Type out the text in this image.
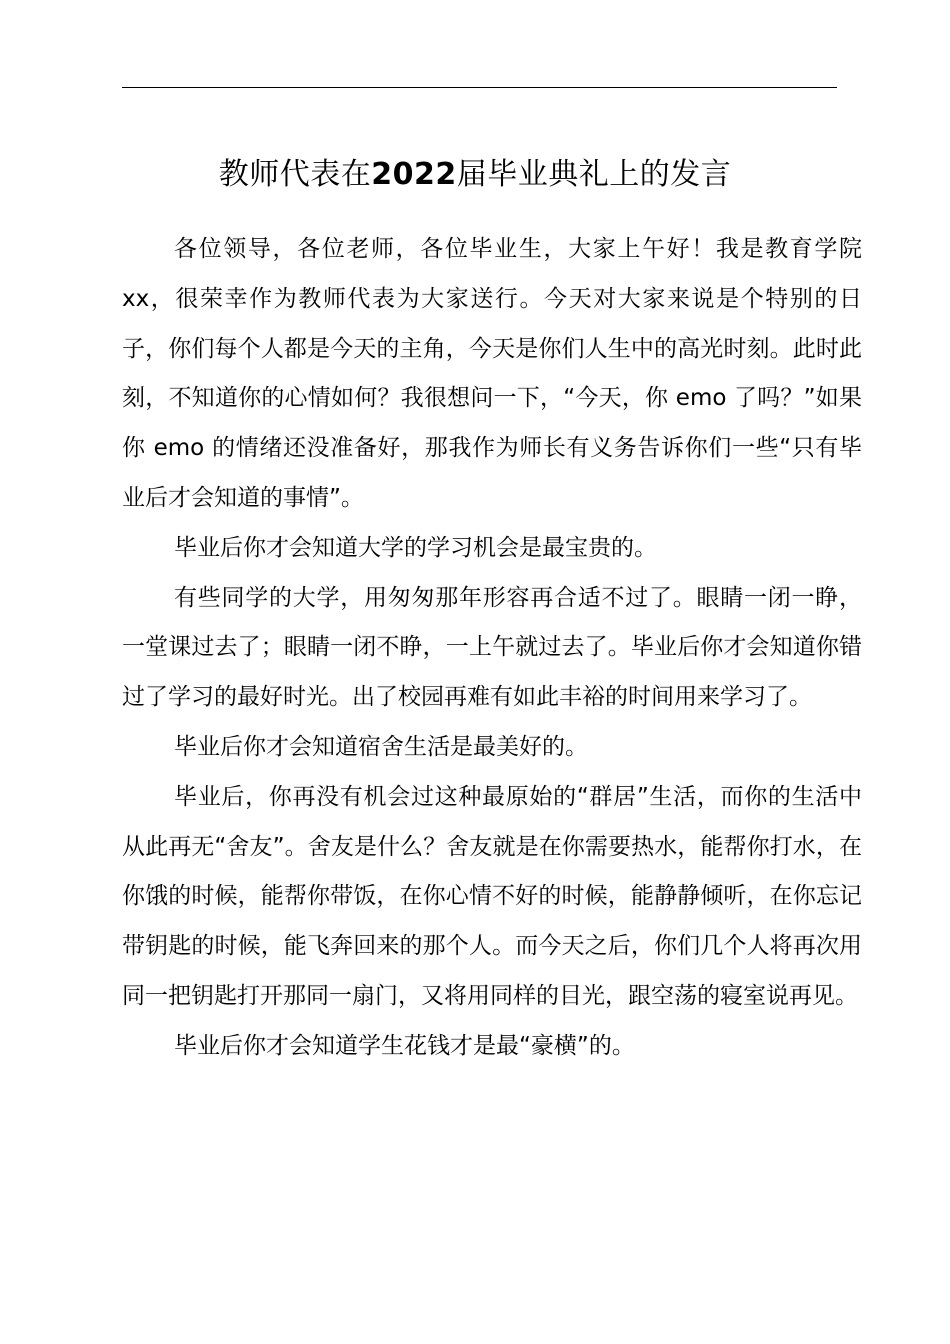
教师代表在2022届毕业典礼上的发言

各位领导，各位老师，各位毕业生，大家上午好！我是教育学院 xx，很荣幸作为教师代表为大家送行。今天对大家来说是个特别的日子，你们每个人都是今天的主角，今天是你们人生中的高光时刻。此时此刻，不知道你的心情如何？我很想问一下，“今天，你 emo 了吗？”如果你 emo 的情绪还没准备好，那我作为师长有义务告诉你们一些“只有毕业后才会知道的事情”。

毕业后你才会知道大学的学习机会是最宝贵的。

有些同学的大学，用匆匆那年形容再合适不过了。眼睛一闭一睁，一堂课过去了；眼睛一闭不睁，一上午就过去了。毕业后你才会知道你错过了学习的最好时光。出了校园再难有如此丰裕的时间用来学习了。

毕业后你才会知道宿舍生活是最美好的。

毕业后，你再没有机会过这种最原始的“群居”生活，而你的生活中从此再无“舍友”。舍友是什么？舍友就是在你需要热水，能帮你打水，在你饿的时候，能帮你带饭，在你心情不好的时候，能静静倾听，在你忘记带钥匙的时候，能飞奔回来的那个人。而今天之后，你们几个人将再次用同一把钥匙打开那同一扇门，又将用同样的目光，跟空荡的寝室说再见。

毕业后你才会知道学生花钱才是最“豪横”的。
